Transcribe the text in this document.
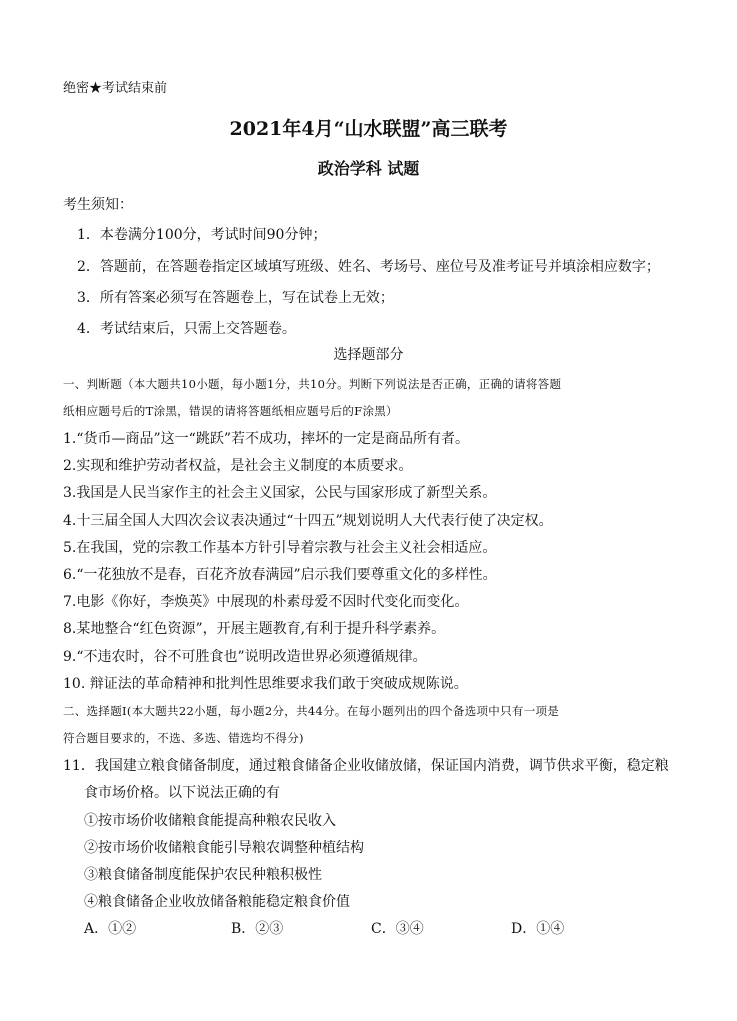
绝密★考试结束前
2021年4月“山水联盟”高三联考
政治学科 试题
考生须知：
1．本卷满分100分，考试时间90分钟；
2．答题前，在答题卷指定区域填写班级、姓名、考场号、座位号及准考证号并填涂相应数字；
3．所有答案必须写在答题卷上，写在试卷上无效；
4．考试结束后，只需上交答题卷。
选择题部分
一、判断题（本大题共10小题，每小题1分，共10分。判断下列说法是否正确，正确的请将答题
纸相应题号后的T涂黑，错误的请将答题纸相应题号后的F涂黑）
1.“货币—商品”这一“跳跃”若不成功，摔坏的一定是商品所有者。
2.实现和维护劳动者权益，是社会主义制度的本质要求。
3.我国是人民当家作主的社会主义国家，公民与国家形成了新型关系。
4.十三届全国人大四次会议表决通过“十四五”规划说明人大代表行使了决定权。
5.在我国，党的宗教工作基本方针引导着宗教与社会主义社会相适应。
6.“一花独放不是春，百花齐放春满园”启示我们要尊重文化的多样性。
7.电影《你好，李焕英》中展现的朴素母爱不因时代变化而变化。
8.某地整合“红色资源”，开展主题教育,有利于提升科学素养。
9.“不违农时，谷不可胜食也”说明改造世界必须遵循规律。
10. 辩证法的革命精神和批判性思维要求我们敢于突破成规陈说。
二、选择题Ⅰ(本大题共22小题，每小题2分，共44分。在每小题列出的四个备选项中只有一项是
符合题目要求的，不选、多选、错选均不得分)
11．我国建立粮食储备制度，通过粮食储备企业收储放储，保证国内消费，调节供求平衡，稳定粮
食市场价格。以下说法正确的有
①按市场价收储粮食能提高种粮农民收入
②按市场价收储粮食能引导粮农调整种植结构
③粮食储备制度能保护农民种粮积极性
④粮食储备企业收放储备粮能稳定粮食价值
A．①②	B．②③	C．③④	D．①④
